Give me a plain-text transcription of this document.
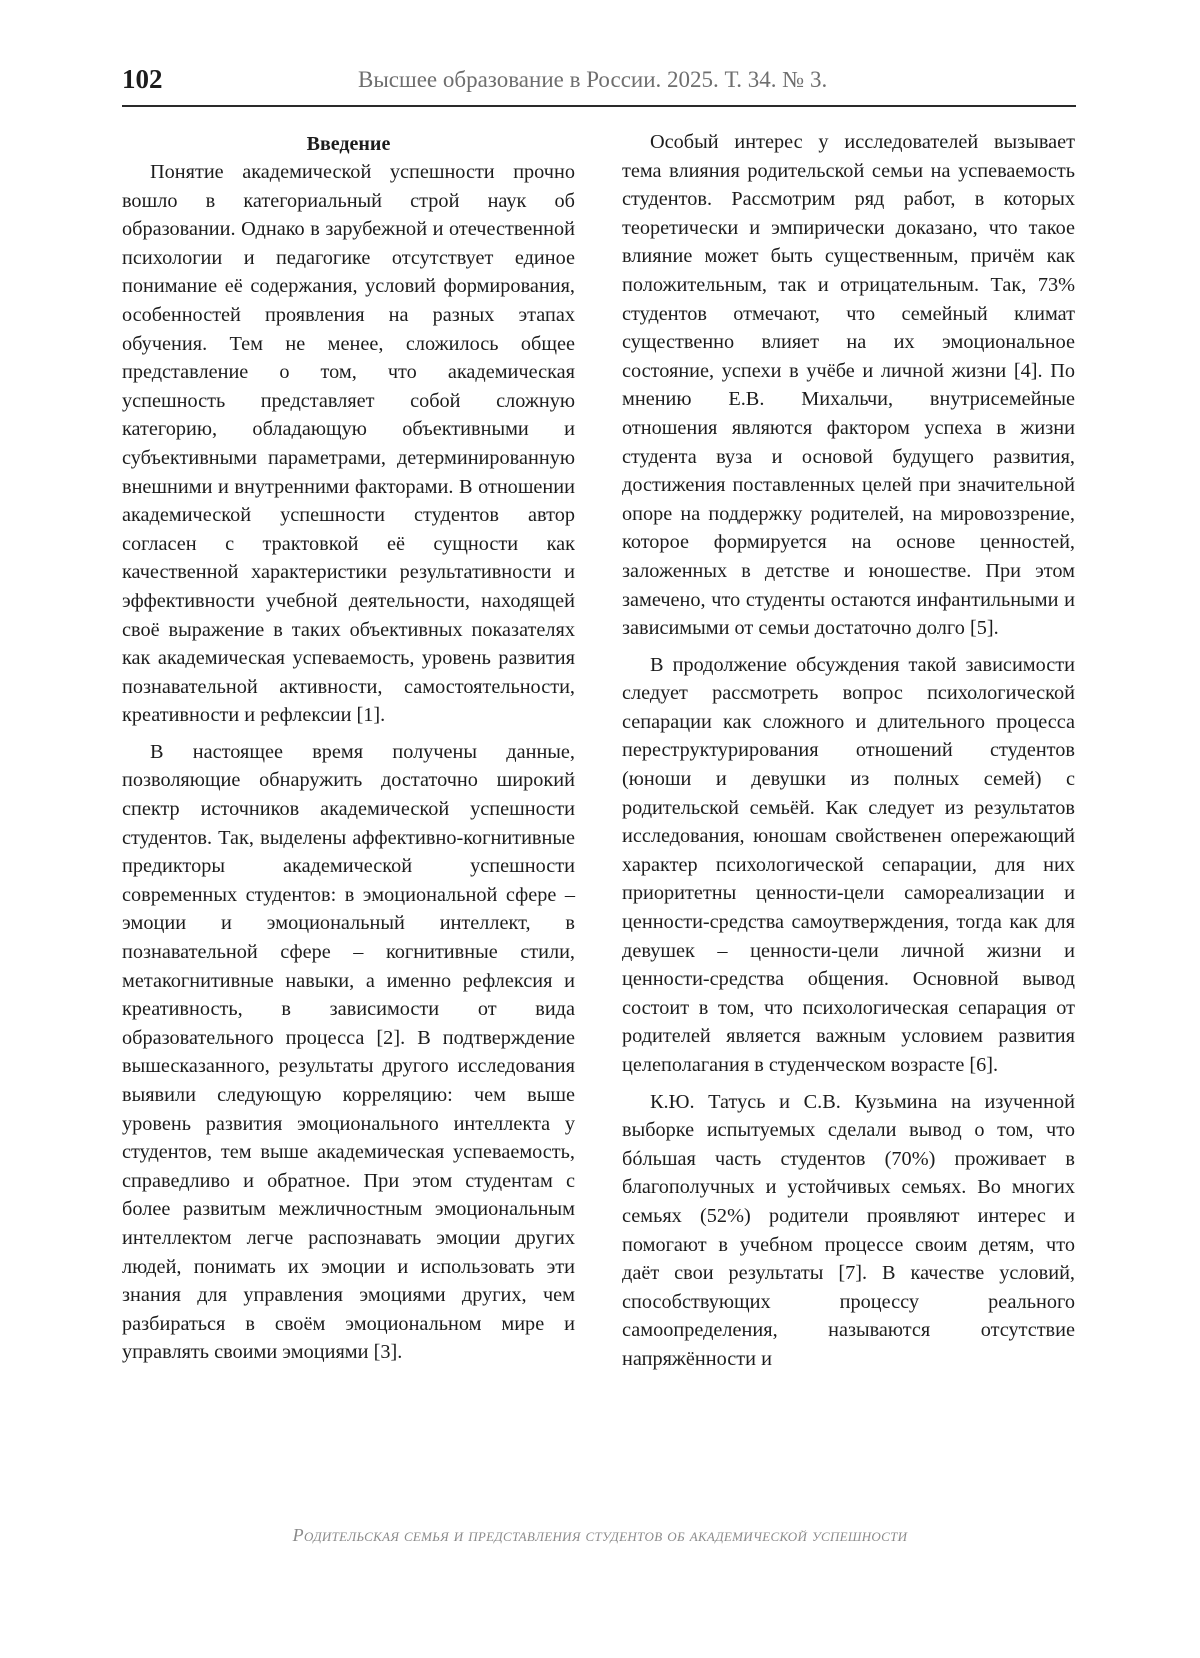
102	Высшее образование в России. 2025. Т. 34. № 3.
Введение

Понятие академической успешности прочно вошло в категориальный строй наук об образовании. Однако в зарубежной и отечественной психологии и педагогике отсутствует единое понимание её содержания, условий формирования, особенностей проявления на разных этапах обучения. Тем не менее, сложилось общее представление о том, что академическая успешность представляет собой сложную категорию, обладающую объективными и субъективными параметрами, детерминированную внешними и внутренними факторами. В отношении академической успешности студентов автор согласен с трактовкой её сущности как качественной характеристики результативности и эффективности учебной деятельности, находящей своё выражение в таких объективных показателях как академическая успеваемость, уровень развития познавательной активности, самостоятельности, креативности и рефлексии [1].

В настоящее время получены данные, позволяющие обнаружить достаточно широкий спектр источников академической успешности студентов. Так, выделены аффективно-когнитивные предикторы академической успешности современных студентов: в эмоциональной сфере – эмоции и эмоциональный интеллект, в познавательной сфере – когнитивные стили, метакогнитивные навыки, а именно рефлексия и креативность, в зависимости от вида образовательного процесса [2]. В подтверждение вышесказанного, результаты другого исследования выявили следующую корреляцию: чем выше уровень развития эмоционального интеллекта у студентов, тем выше академическая успеваемость, справедливо и обратное. При этом студентам с более развитым межличностным эмоциональным интеллектом легче распознавать эмоции других людей, понимать их эмоции и использовать эти знания для управления эмоциями других, чем разбираться в своём эмоциональном мире и управлять своими эмоциями [3].

Особый интерес у исследователей вызывает тема влияния родительской семьи на успеваемость студентов. Рассмотрим ряд работ, в которых теоретически и эмпирически доказано, что такое влияние может быть существенным, причём как положительным, так и отрицательным. Так, 73% студентов отмечают, что семейный климат существенно влияет на их эмоциональное состояние, успехи в учёбе и личной жизни [4]. По мнению Е.В. Михальчи, внутрисемейные отношения являются фактором успеха в жизни студента вуза и основой будущего развития, достижения поставленных целей при значительной опоре на поддержку родителей, на мировоззрение, которое формируется на основе ценностей, заложенных в детстве и юношестве. При этом замечено, что студенты остаются инфантильными и зависимыми от семьи достаточно долго [5].

В продолжение обсуждения такой зависимости следует рассмотреть вопрос психологической сепарации как сложного и длительного процесса переструктурирования отношений студентов (юноши и девушки из полных семей) с родительской семьёй. Как следует из результатов исследования, юношам свойственен опережающий характер психологической сепарации, для них приоритетны ценности-цели самореализации и ценности-средства самоутверждения, тогда как для девушек – ценности-цели личной жизни и ценности-средства общения. Основной вывод состоит в том, что психологическая сепарация от родителей является важным условием развития целеполагания в студенческом возрасте [6].

К.Ю. Татусь и С.В. Кузьмина на изученной выборке испытуемых сделали вывод о том, что бóльшая часть студентов (70%) проживает в благополучных и устойчивых семьях. Во многих семьях (52%) родители проявляют интерес и помогают в учебном процессе своим детям, что даёт свои результаты [7]. В качестве условий, способствующих процессу реального самоопределения, называются отсутствие напряжённости и

Родительская семья и представления студентов об академической успешности
